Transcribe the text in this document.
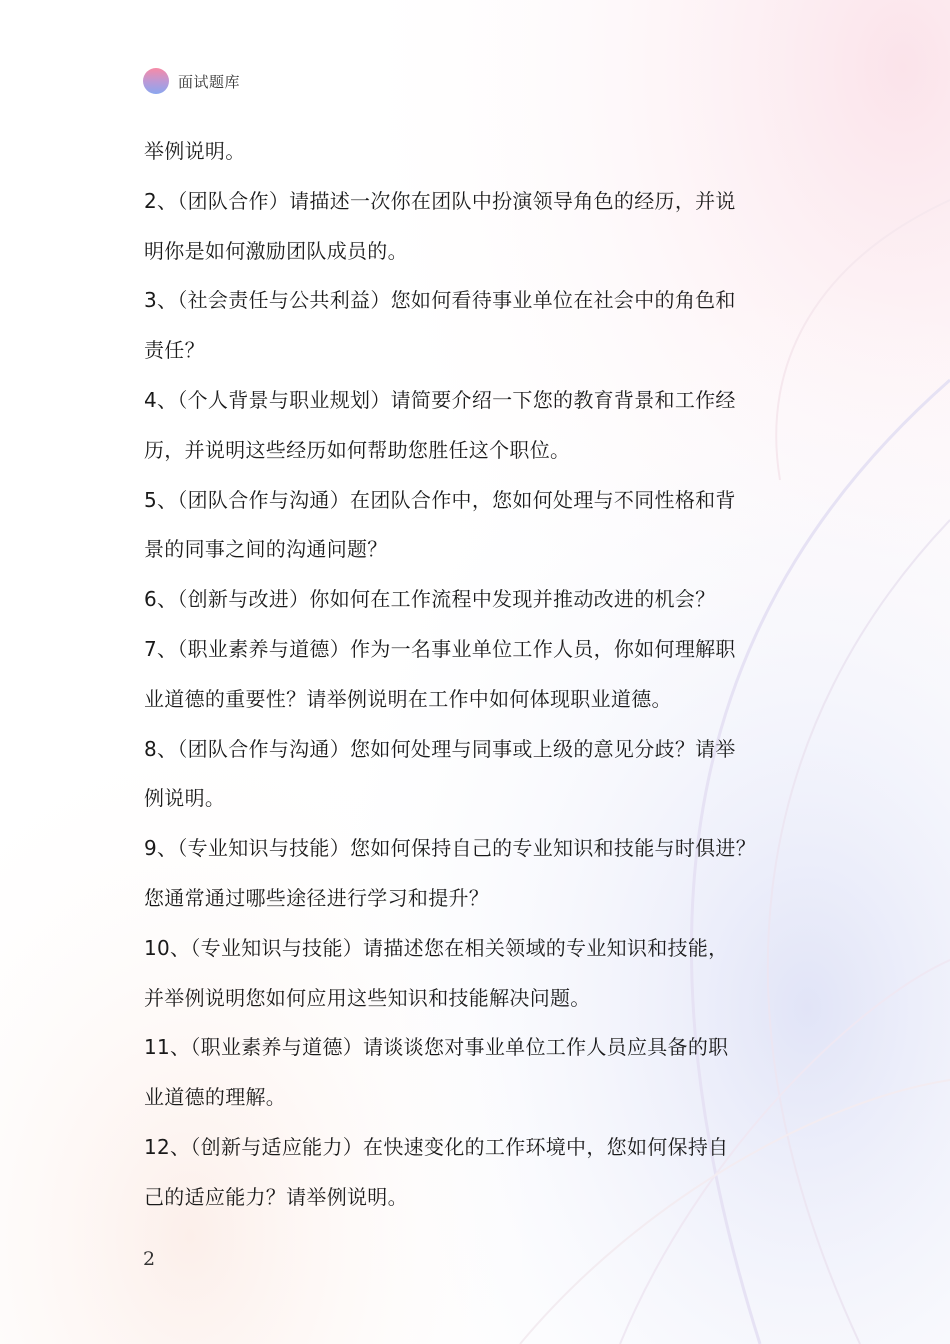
面试题库
举例说明。
2、（团队合作）请描述一次你在团队中扮演领导角色的经历，并说
明你是如何激励团队成员的。
3、（社会责任与公共利益）您如何看待事业单位在社会中的角色和
责任？
4、（个人背景与职业规划）请简要介绍一下您的教育背景和工作经
历，并说明这些经历如何帮助您胜任这个职位。
5、（团队合作与沟通）在团队合作中，您如何处理与不同性格和背
景的同事之间的沟通问题？
6、（创新与改进）你如何在工作流程中发现并推动改进的机会？
7、（职业素养与道德）作为一名事业单位工作人员，你如何理解职
业道德的重要性？请举例说明在工作中如何体现职业道德。
8、（团队合作与沟通）您如何处理与同事或上级的意见分歧？请举
例说明。
9、（专业知识与技能）您如何保持自己的专业知识和技能与时俱进？
您通常通过哪些途径进行学习和提升？
10、（专业知识与技能）请描述您在相关领域的专业知识和技能，
并举例说明您如何应用这些知识和技能解决问题。
11、（职业素养与道德）请谈谈您对事业单位工作人员应具备的职
业道德的理解。
12、（创新与适应能力）在快速变化的工作环境中，您如何保持自
己的适应能力？请举例说明。
2
